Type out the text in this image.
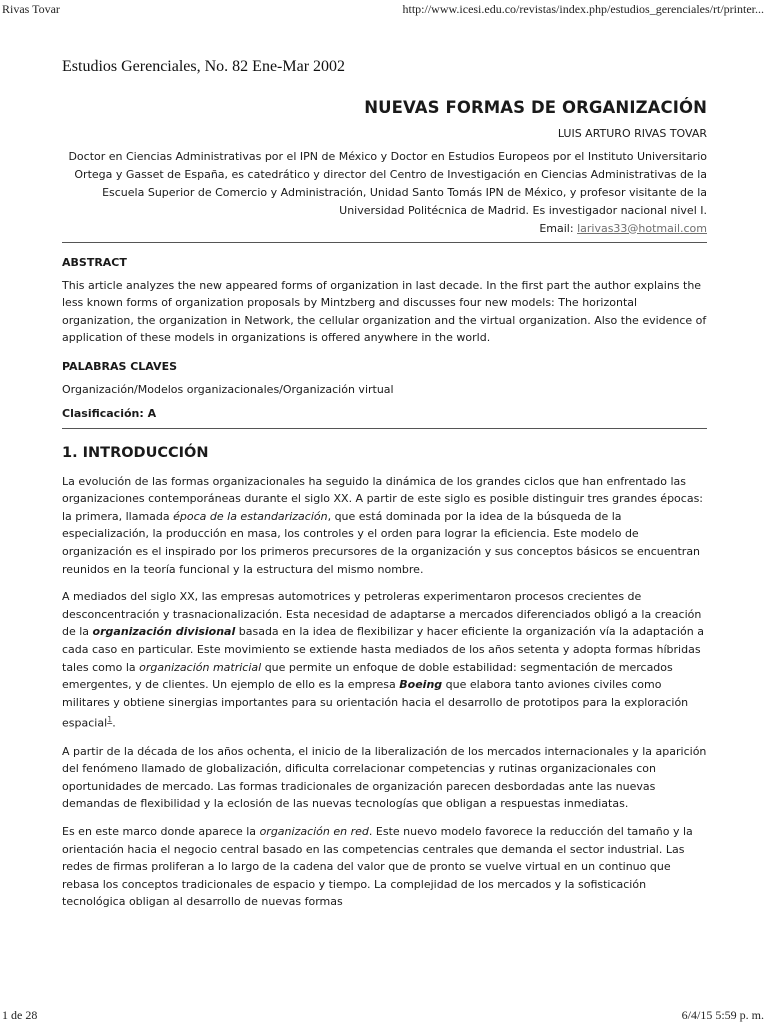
Rivas Tovar	http://www.icesi.edu.co/revistas/index.php/estudios_gerenciales/rt/printer...

Estudios Gerenciales, No. 82 Ene-Mar 2002

NUEVAS FORMAS DE ORGANIZACIÓN
LUIS ARTURO RIVAS TOVAR

Doctor en Ciencias Administrativas por el IPN de México y Doctor en Estudios Europeos por el Instituto Universitario Ortega y Gasset de España, es catedrático y director del Centro de Investigación en Ciencias Administrativas de la Escuela Superior de Comercio y Administración, Unidad Santo Tomás IPN de México, y profesor visitante de la Universidad Politécnica de Madrid. Es investigador nacional nivel I.
Email: larivas33@hotmail.com

ABSTRACT

This article analyzes the new appeared forms of organization in last decade. In the first part the author explains the less known forms of organization proposals by Mintzberg and discusses four new models: The horizontal organization, the organization in Network, the cellular organization and the virtual organization. Also the evidence of application of these models in organizations is offered anywhere in the world.

PALABRAS CLAVES

Organización/Modelos organizacionales/Organización virtual

Clasificación: A
1. INTRODUCCIÓN

La evolución de las formas organizacionales ha seguido la dinámica de los grandes ciclos que han enfrentado las organizaciones contemporáneas durante el siglo XX. A partir de este siglo es posible distinguir tres grandes épocas: la primera, llamada época de la estandarización, que está dominada por la idea de la búsqueda de la especialización, la producción en masa, los controles y el orden para lograr la eficiencia. Este modelo de organización es el inspirado por los primeros precursores de la organización y sus conceptos básicos se encuentran reunidos en la teoría funcional y la estructura del mismo nombre.

A mediados del siglo XX, las empresas automotrices y petroleras experimentaron procesos crecientes de desconcentración y trasnacionalización. Esta necesidad de adaptarse a mercados diferenciados obligó a la creación de la organización divisional basada en la idea de flexibilizar y hacer eficiente la organización vía la adaptación a cada caso en particular. Este movimiento se extiende hasta mediados de los años setenta y adopta formas híbridas tales como la organización matricial que permite un enfoque de doble estabilidad: segmentación de mercados emergentes, y de clientes. Un ejemplo de ello es la empresa Boeing que elabora tanto aviones civiles como militares y obtiene sinergias importantes para su orientación hacia el desarrollo de prototipos para la exploración espacial$^1$.

A partir de la década de los años ochenta, el inicio de la liberalización de los mercados internacionales y la aparición del fenómeno llamado de globalización, dificulta correlacionar competencias y rutinas organizacionales con oportunidades de mercado. Las formas tradicionales de organización parecen desbordadas ante las nuevas demandas de flexibilidad y la eclosión de las nuevas tecnologías que obligan a respuestas inmediatas.

Es en este marco donde aparece la organización en red. Este nuevo modelo favorece la reducción del tamaño y la orientación hacia el negocio central basado en las competencias centrales que demanda el sector industrial. Las redes de firmas proliferan a lo largo de la cadena del valor que de pronto se vuelve virtual en un continuo que rebasa los conceptos tradicionales de espacio y tiempo. La complejidad de los mercados y la sofisticación tecnológica obligan al desarrollo de nuevas formas

1 de 28	6/4/15 5:59 p. m.
